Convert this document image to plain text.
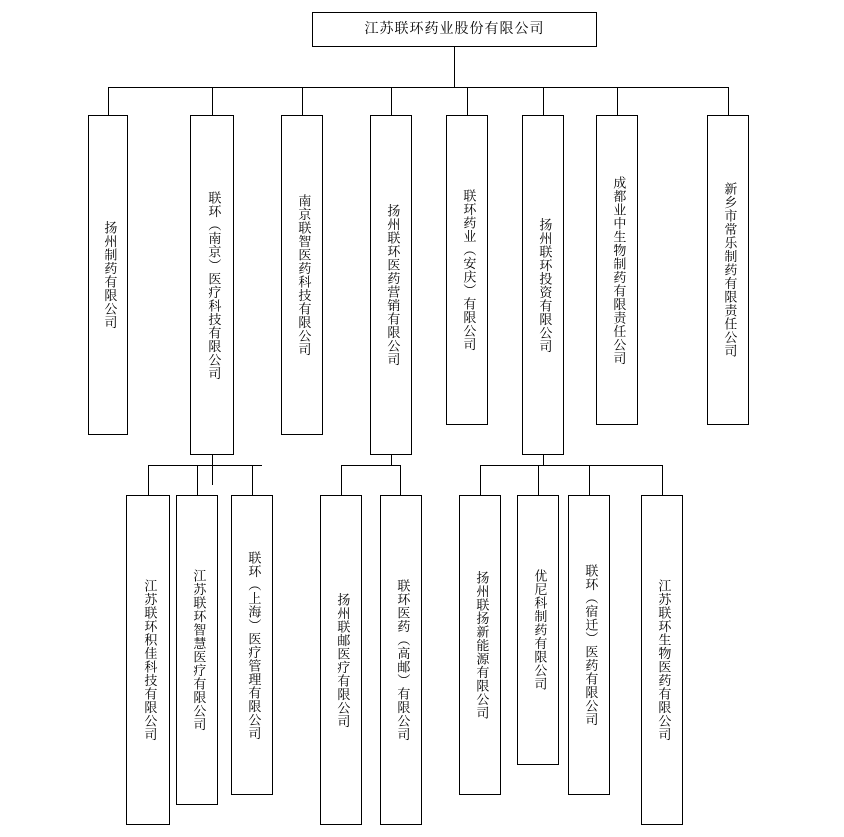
江苏联环药业股份有限公司
扬州制药有限公司	联环（南京）医疗科技有限公司	南京联智医药科技有限公司	扬州联环医药营销有限公司	联环药业（安庆）有限公司	扬州联环投资有限公司	成都业中生物制药有限责任公司	新乡市常乐制药有限责任公司
江苏联环积佳科技有限公司	江苏联环智慧医疗有限公司	联环（上海）医疗管理有限公司	扬州联邮医疗有限公司	联环医药（高邮）有限公司	扬州联扬新能源有限公司	优尼科制药有限公司	联环（宿迁）医药有限公司	江苏联环生物医药有限公司
